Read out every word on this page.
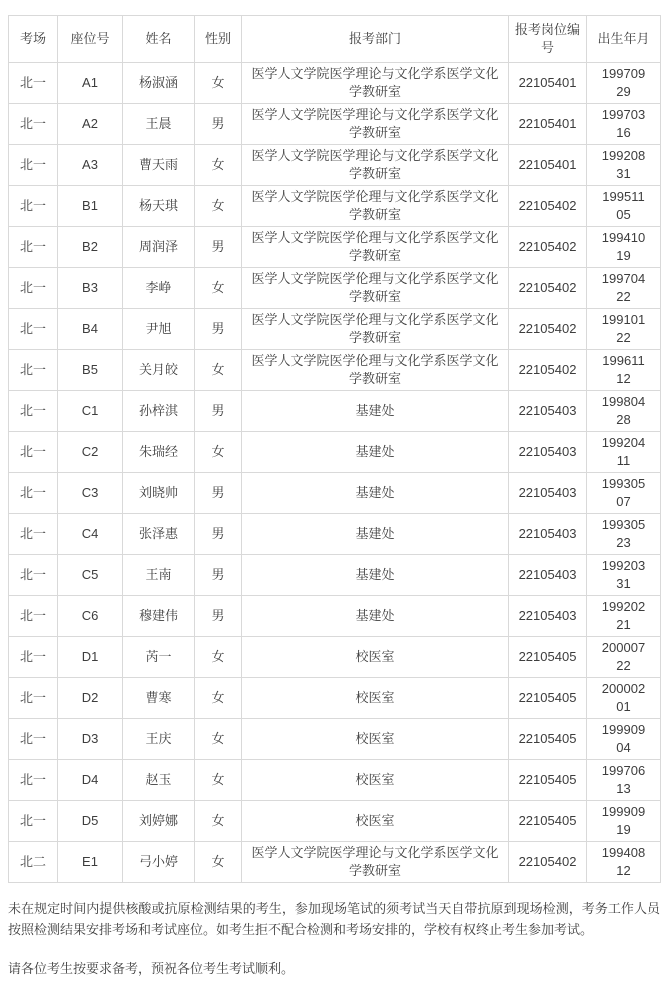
考场	座位号	姓名	性别	报考部门	报考岗位编号	出生年月
北一	A1	杨淑涵	女	医学人文学院医学理论与文化学系医学文化学教研室	22105401	19970929
北一	A2	王晨	男	医学人文学院医学理论与文化学系医学文化学教研室	22105401	19970316
北一	A3	曹天雨	女	医学人文学院医学理论与文化学系医学文化学教研室	22105401	19920831
北一	B1	杨天琪	女	医学人文学院医学伦理与文化学系医学文化学教研室	22105402	19951105
北一	B2	周润泽	男	医学人文学院医学伦理与文化学系医学文化学教研室	22105402	19941019
北一	B3	李峥	女	医学人文学院医学伦理与文化学系医学文化学教研室	22105402	19970422
北一	B4	尹旭	男	医学人文学院医学伦理与文化学系医学文化学教研室	22105402	19910122
北一	B5	关月皎	女	医学人文学院医学伦理与文化学系医学文化学教研室	22105402	19961112
北一	C1	孙梓淇	男	基建处	22105403	19980428
北一	C2	朱瑞经	女	基建处	22105403	19920411
北一	C3	刘晓帅	男	基建处	22105403	19930507
北一	C4	张泽惠	男	基建处	22105403	19930523
北一	C5	王南	男	基建处	22105403	19920331
北一	C6	穆建伟	男	基建处	22105403	19920221
北一	D1	芮一	女	校医室	22105405	20000722
北一	D2	曹寒	女	校医室	22105405	20000201
北一	D3	王庆	女	校医室	22105405	19990904
北一	D4	赵玉	女	校医室	22105405	19970613
北一	D5	刘婷娜	女	校医室	22105405	19990919
北二	E1	弓小婷	女	医学人文学院医学理论与文化学系医学文化学教研室	22105402	19940812

未在规定时间内提供核酸或抗原检测结果的考生，参加现场笔试的须考试当天自带抗原到现场检测，考务工作人员按照检测结果安排考场和考试座位。如考生拒不配合检测和考场安排的，学校有权终止考生参加考试。

请各位考生按要求备考，预祝各位考生考试顺利。
